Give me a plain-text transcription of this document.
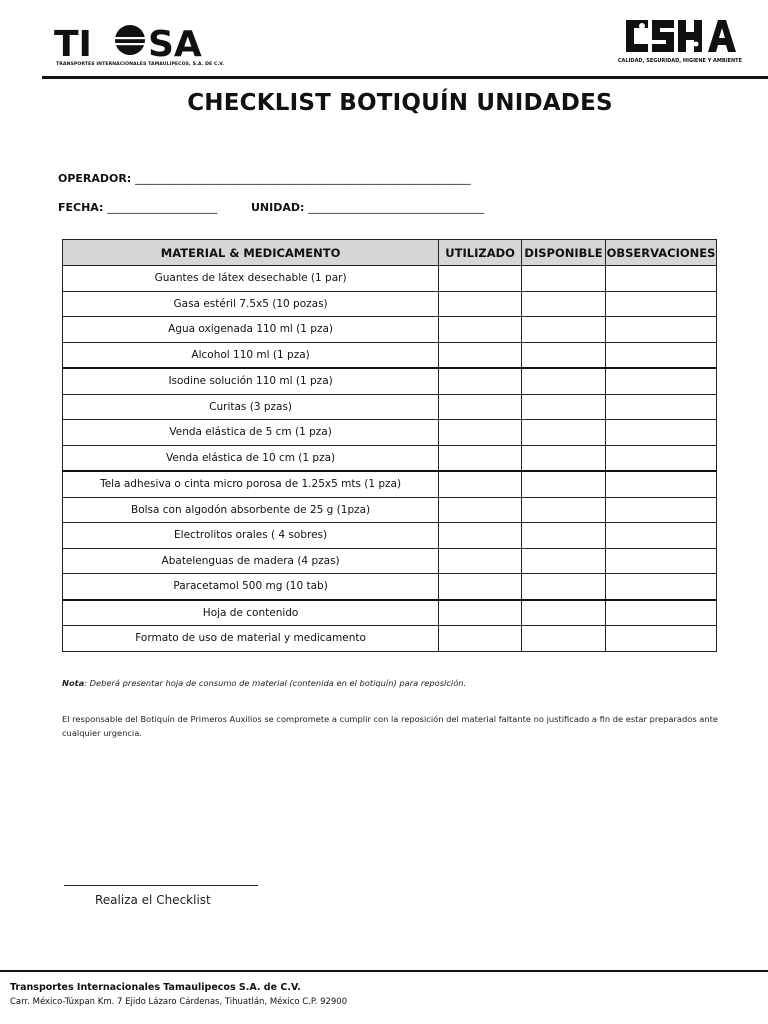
TI SA
TRANSPORTES INTERNACIONALES TAMAULIPECOS, S.A. DE C.V.
CALIDAD, SEGURIDAD, HIGIENE Y AMBIENTE
CHECKLIST BOTIQUÍN UNIDADES
OPERADOR: _____________________________________________________________
FECHA: ____________________	UNIDAD: ________________________________
MATERIAL & MEDICAMENTO	UTILIZADO	DISPONIBLE	OBSERVACIONES
Guantes de látex desechable (1 par)			
Gasa estéril 7.5x5 (10 pozas)			
Agua oxigenada 110 ml (1 pza)			
Alcohol 110 ml (1 pza)			
Isodine solución 110 ml (1 pza)			
Curitas (3 pzas)			
Venda elástica de 5 cm (1 pza)			
Venda elástica de 10 cm (1 pza)			
Tela adhesiva o cinta micro porosa de 1.25x5 mts (1 pza)			
Bolsa con algodón absorbente de 25 g (1pza)			
Electrolitos orales ( 4 sobres)			
Abatelenguas de madera (4 pzas)			
Paracetamol 500 mg (10 tab)			
Hoja de contenido			
Formato de uso de material y medicamento			
Nota: Deberá presentar hoja de consumo de material (contenida en el botiquín) para reposición.
El responsable del Botiquín de Primeros Auxilios se compromete a cumplir con la reposición del material faltante no justificado a fin de estar preparados ante cualquier urgencia.
Realiza el Checklist
Transportes Internacionales Tamaulipecos S.A. de C.V.
Carr. México-Túxpan Km. 7 Ejido Lázaro Cárdenas, Tihuatlán, México C.P. 92900
